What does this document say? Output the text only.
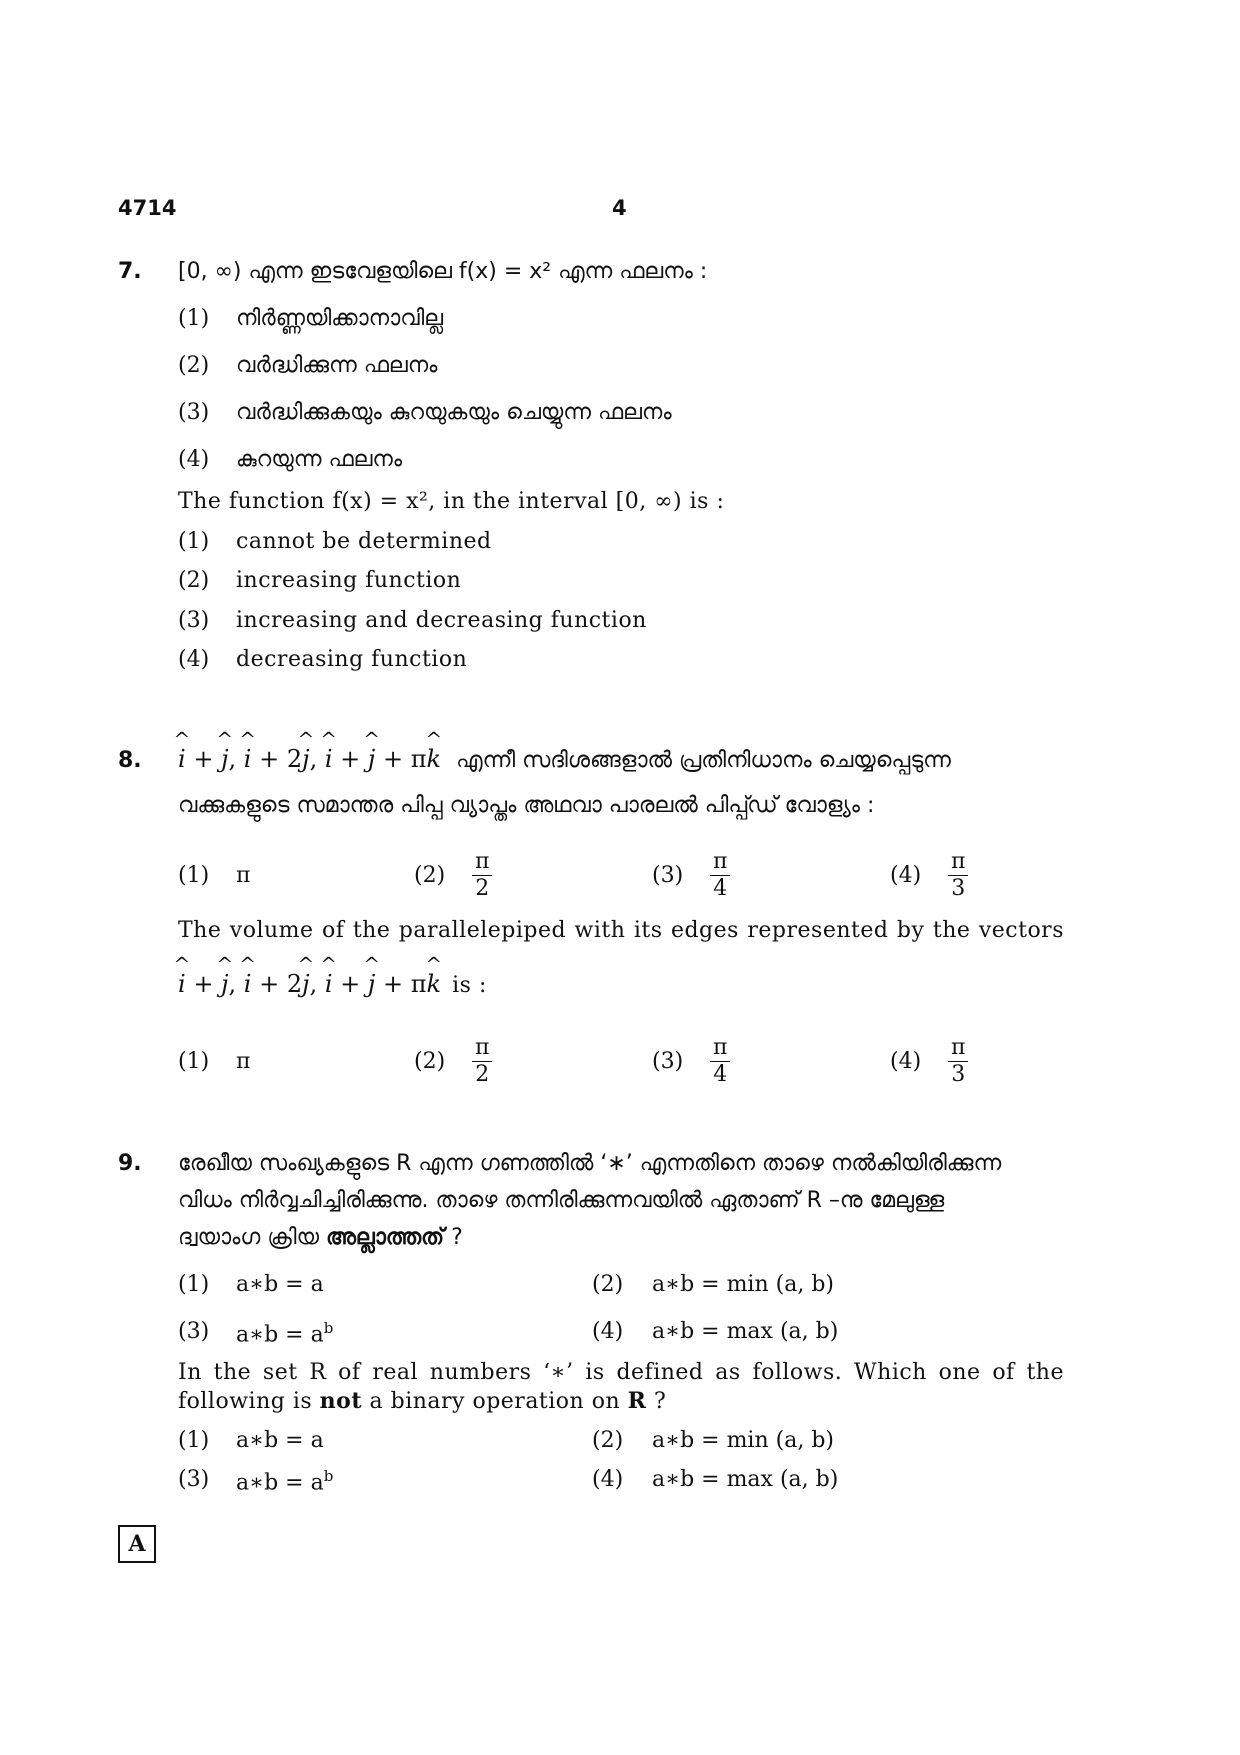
4714	4
7. [0, ∞) എന്ന ഇടവേളയിലെ f(x) = x² എന്ന ഫലനം :
(1) നിർണ്ണയിക്കാനാവില്ല
(2) വർദ്ധിക്കുന്ന ഫലനം
(3) വർദ്ധിക്കുകയും കുറയുകയും ചെയ്യുന്ന ഫലനം
(4) കുറയുന്ന ഫലനം
The function f(x) = x², in the interval [0, ∞) is :
(1) cannot be determined
(2) increasing function
(3) increasing and decreasing function
(4) decreasing function
8.
^ i + ^ j, ^ i + 2^ j, ^ i + ^ j + π^ k എന്നീ സദിശങ്ങളാൽ പ്രതിനിധാനം ചെയ്യപ്പെടുന്ന
വക്കുകളുടെ സമാന്തര പിപ്പ വ്യാപ്തം അഥവാ പാരലൽ പിപ്പ്ഡ് വോള്യം :
(1)	π	(2)	$\frac{\pi}{2}$	(3)	$\frac{\pi}{4}$	(4)	$\frac{\pi}{3}$
The volume of the parallelepiped with its edges represented by the vectors
^ i + ^ j, ^ i + 2^ j, ^ i + ^ j + π^ k is :
(1)	π	(2)	$\frac{\pi}{2}$	(3)	$\frac{\pi}{4}$	(4)	$\frac{\pi}{3}$
9. രേഖീയ സംഖ്യകളുടെ R എന്ന ഗണത്തിൽ ‘∗’ എന്നതിനെ താഴെ നൽകിയിരിക്കുന്ന
വിധം നിർവ്വചിച്ചിരിക്കുന്നു. താഴെ തന്നിരിക്കുന്നവയിൽ ഏതാണ് R –നു മേലുള്ള
ദ്വയാംഗ ക്രിയ അല്ലാത്തത് ?
(1) a∗b = a	(2) a∗b = min (a, b)
(3) a∗b = $a^b$	(4) a∗b = max (a, b)
In the set R of real numbers ‘∗’ is defined as follows. Which one of the
following is not a binary operation on R ?
(1) a∗b = a	(2) a∗b = min (a, b)
(3) a∗b = $a^b$	(4) a∗b = max (a, b)
A
